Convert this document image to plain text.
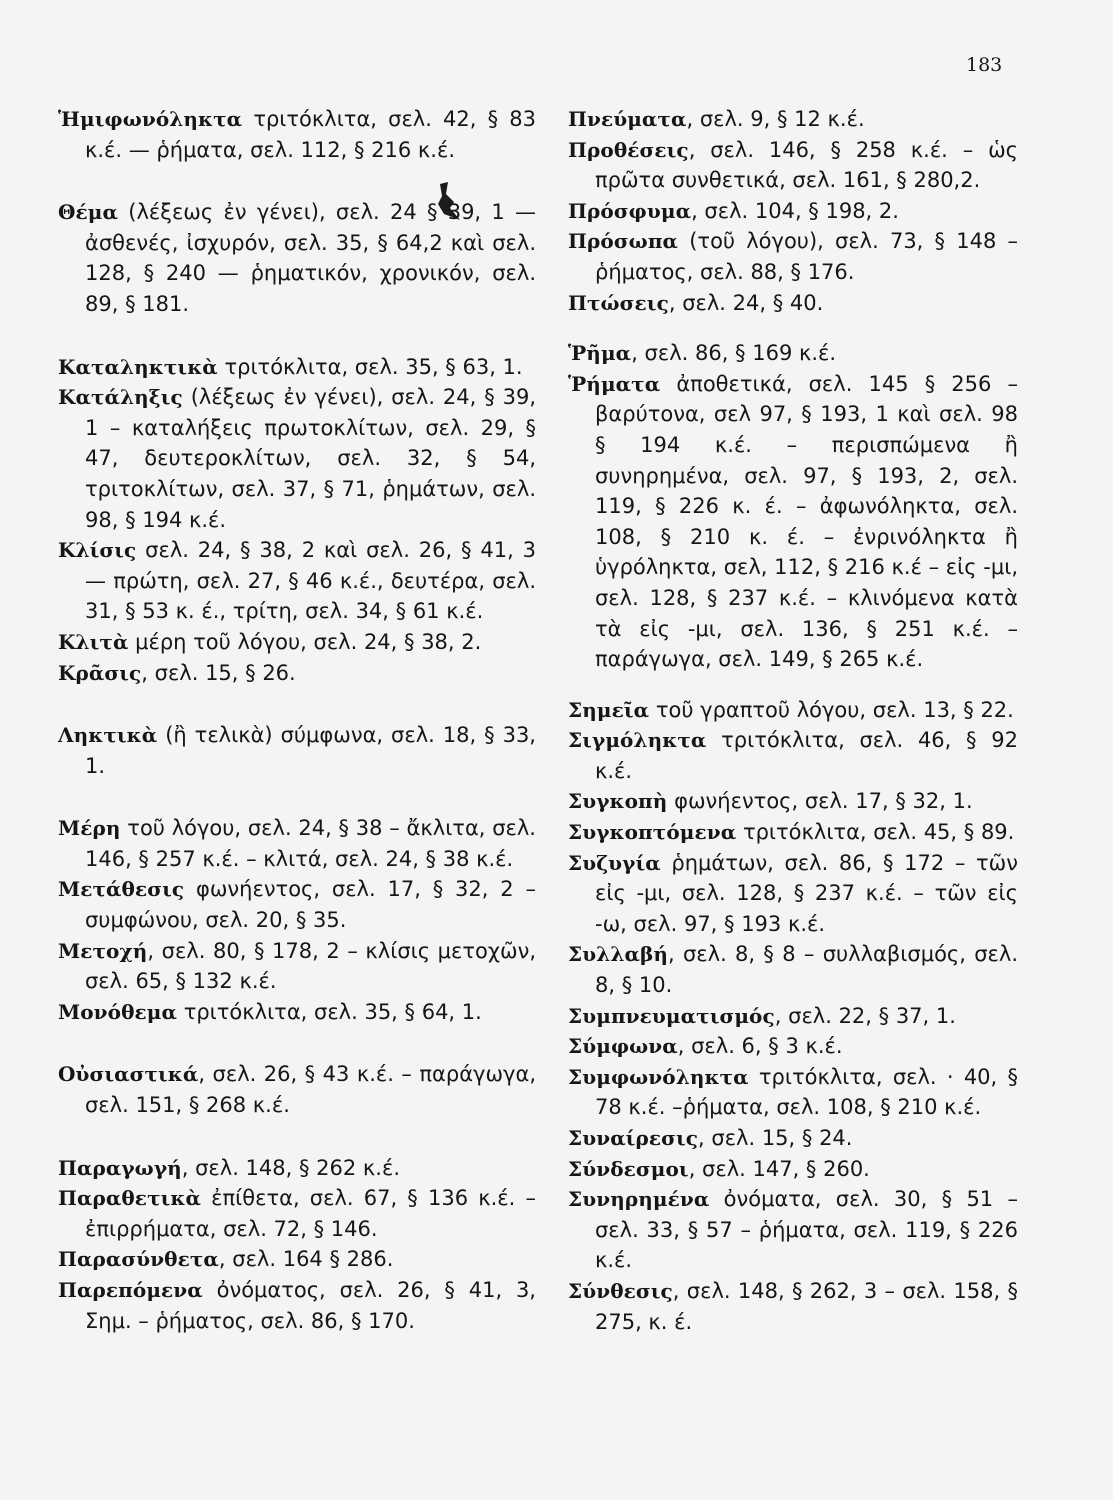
183

Ἡμιφωνόληκτα τριτόκλιτα, σελ. 42, § 83 κ.έ. — ῥήματα, σελ. 112, § 216 κ.έ.

Θέμα (λέξεως ἐν γένει), σελ. 24 § 39, 1 — ἀσθενές, ἰσχυρόν, σελ. 35, § 64,2 καὶ σελ. 128, § 240 — ῥηματικόν, χρονικόν, σελ. 89, § 181.

Καταληκτικὰ τριτόκλιτα, σελ. 35, § 63, 1.

Κατάληξις (λέξεως ἐν γένει), σελ. 24, § 39, 1 – καταλήξεις πρωτοκλίτων, σελ. 29, § 47, δευτεροκλίτων, σελ. 32, § 54, τριτοκλίτων, σελ. 37, § 71, ῥημάτων, σελ. 98, § 194 κ.έ.

Κλίσις σελ. 24, § 38, 2 καὶ σελ. 26, § 41, 3 — πρώτη, σελ. 27, § 46 κ.έ., δευτέρα, σελ. 31, § 53 κ. έ., τρίτη, σελ. 34, § 61 κ.έ.

Κλιτὰ μέρη τοῦ λόγου, σελ. 24, § 38, 2.

Κρᾶσις, σελ. 15, § 26.

Ληκτικὰ (ἢ τελικὰ) σύμφωνα, σελ. 18, § 33, 1.

Μέρη τοῦ λόγου, σελ. 24, § 38 – ἄκλιτα, σελ. 146, § 257 κ.έ. – κλιτά, σελ. 24, § 38 κ.έ.

Μετάθεσις φωνήεντος, σελ. 17, § 32, 2 – συμφώνου, σελ. 20, § 35.

Μετοχή, σελ. 80, § 178, 2 – κλίσις μετοχῶν, σελ. 65, § 132 κ.έ.

Μονόθεμα τριτόκλιτα, σελ. 35, § 64, 1.

Οὐσιαστικά, σελ. 26, § 43 κ.έ. – παράγωγα, σελ. 151, § 268 κ.έ.

Παραγωγή, σελ. 148, § 262 κ.έ.

Παραθετικὰ ἐπίθετα, σελ. 67, § 136 κ.έ. – ἐπιρρήματα, σελ. 72, § 146.

Παρασύνθετα, σελ. 164 § 286.

Παρεπόμενα ὀνόματος, σελ. 26, § 41, 3, Σημ. – ῥήματος, σελ. 86, § 170.

Πνεύματα, σελ. 9, § 12 κ.έ.

Προθέσεις, σελ. 146, § 258 κ.έ. – ὡς πρῶτα συνθετικά, σελ. 161, § 280,2.

Πρόσφυμα, σελ. 104, § 198, 2.

Πρόσωπα (τοῦ λόγου), σελ. 73, § 148 – ῥήματος, σελ. 88, § 176.

Πτώσεις, σελ. 24, § 40.

Ῥῆμα, σελ. 86, § 169 κ.έ.

Ῥήματα ἀποθετικά, σελ. 145 § 256 – βαρύτονα, σελ 97, § 193, 1 καὶ σελ. 98 § 194 κ.έ. – περισπώμενα ἢ συνηρημένα, σελ. 97, § 193, 2, σελ. 119, § 226 κ. έ. – ἀφωνόληκτα, σελ. 108, § 210 κ. έ. – ἐνρινόληκτα ἢ ὑγρόληκτα, σελ, 112, § 216 κ.έ – εἰς -μι, σελ. 128, § 237 κ.έ. – κλινόμενα κατὰ τὰ εἰς -μι, σελ. 136, § 251 κ.έ. – παράγωγα, σελ. 149, § 265 κ.έ.

Σημεῖα τοῦ γραπτοῦ λόγου, σελ. 13, § 22.

Σιγμόληκτα τριτόκλιτα, σελ. 46, § 92 κ.έ.

Συγκοπὴ φωνήεντος, σελ. 17, § 32, 1.

Συγκοπτόμενα τριτόκλιτα, σελ. 45, § 89.

Συζυγία ῥημάτων, σελ. 86, § 172 – τῶν εἰς -μι, σελ. 128, § 237 κ.έ. – τῶν εἰς -ω, σελ. 97, § 193 κ.έ.

Συλλαβή, σελ. 8, § 8 – συλλαβισμός, σελ. 8, § 10.

Συμπνευματισμός, σελ. 22, § 37, 1.

Σύμφωνα, σελ. 6, § 3 κ.έ.

Συμφωνόληκτα τριτόκλιτα, σελ. · 40, § 78 κ.έ. –ῥήματα, σελ. 108, § 210 κ.έ.

Συναίρεσις, σελ. 15, § 24.

Σύνδεσμοι, σελ. 147, § 260.

Συνηρημένα ὀνόματα, σελ. 30, § 51 – σελ. 33, § 57 – ῥήματα, σελ. 119, § 226 κ.έ.

Σύνθεσις, σελ. 148, § 262, 3 – σελ. 158, § 275, κ. έ.
